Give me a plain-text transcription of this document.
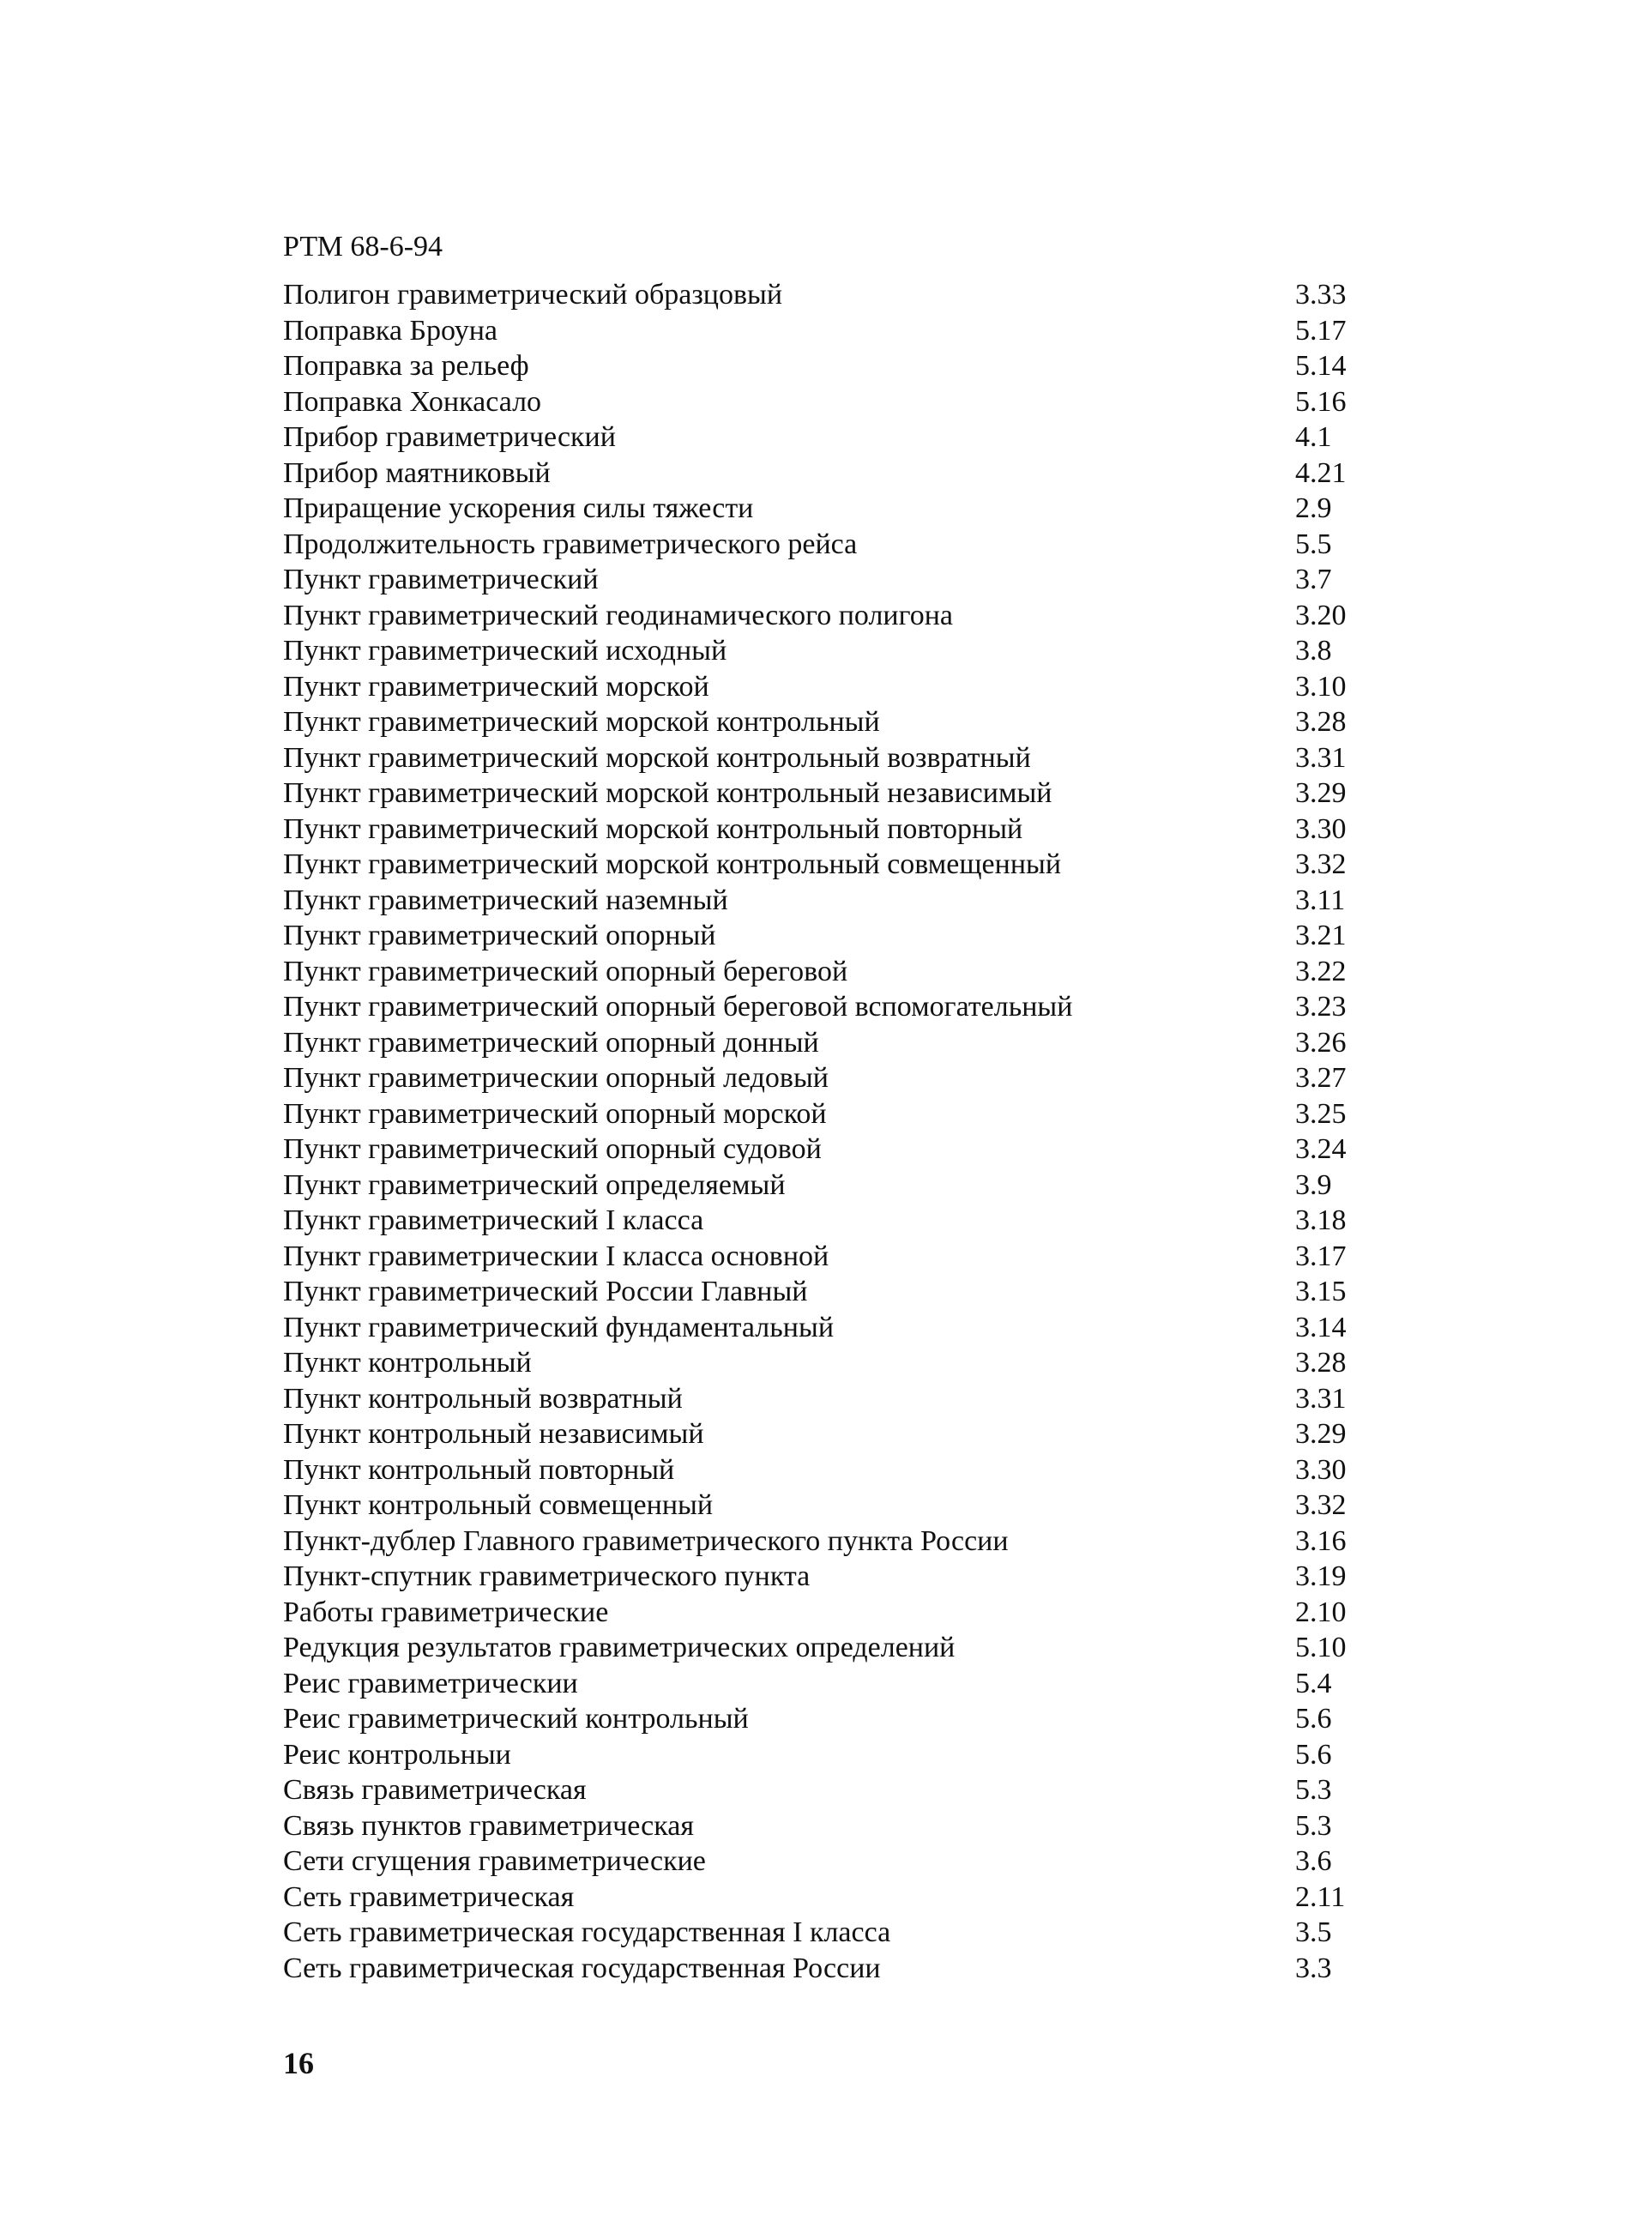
РТМ 68-6-94
Полигон гравиметрический образцовый	3.33
Поправка Броуна	5.17
Поправка за рельеф	5.14
Поправка Хонкасало	5.16
Прибор гравиметрический	4.1
Прибор маятниковый	4.21
Приращение ускорения силы тяжести	2.9
Продолжительность гравиметрического рейса	5.5
Пункт гравиметрический	3.7
Пункт гравиметрический геодинамического полигона	3.20
Пункт гравиметрический исходный	3.8
Пункт гравиметрический морской	3.10
Пункт гравиметрический морской контрольный	3.28
Пункт гравиметрический морской контрольный возвратный	3.31
Пункт гравиметрический морской контрольный независимый	3.29
Пункт гравиметрический морской контрольный повторный	3.30
Пункт гравиметрический морской контрольный совмещенный	3.32
Пункт гравиметрический наземный	3.11
Пункт гравиметрический опорный	3.21
Пункт гравиметрический опорный береговой	3.22
Пункт гравиметрический опорный береговой вспомогательный	3.23
Пункт гравиметрический опорный донный	3.26
Пункт гравиметрическии опорный ледовый	3.27
Пункт гравиметрический опорный морской	3.25
Пункт гравиметрический опорный судовой	3.24
Пункт гравиметрический определяемый	3.9
Пункт гравиметрический I класса	3.18
Пункт гравиметрическии I класса основной	3.17
Пункт гравиметрический России Главный	3.15
Пункт гравиметрический фундаментальный	3.14
Пункт контрольный	3.28
Пункт контрольный возвратный	3.31
Пункт контрольный независимый	3.29
Пункт контрольный повторный	3.30
Пункт контрольный совмещенный	3.32
Пункт-дублер Главного гравиметрического пункта России	3.16
Пункт-спутник гравиметрического пункта	3.19
Работы гравиметрические	2.10
Редукция результатов гравиметрических определений	5.10
Реис гравиметрическии	5.4
Реис гравиметрический контрольный	5.6
Реис контрольныи	5.6
Связь гравиметрическая	5.3
Связь пунктов гравиметрическая	5.3
Сети сгущения гравиметрические	3.6
Сеть гравиметрическая	2.11
Сеть гравиметрическая государственная I класса	3.5
Сеть гравиметрическая государственная России	3.3
16
